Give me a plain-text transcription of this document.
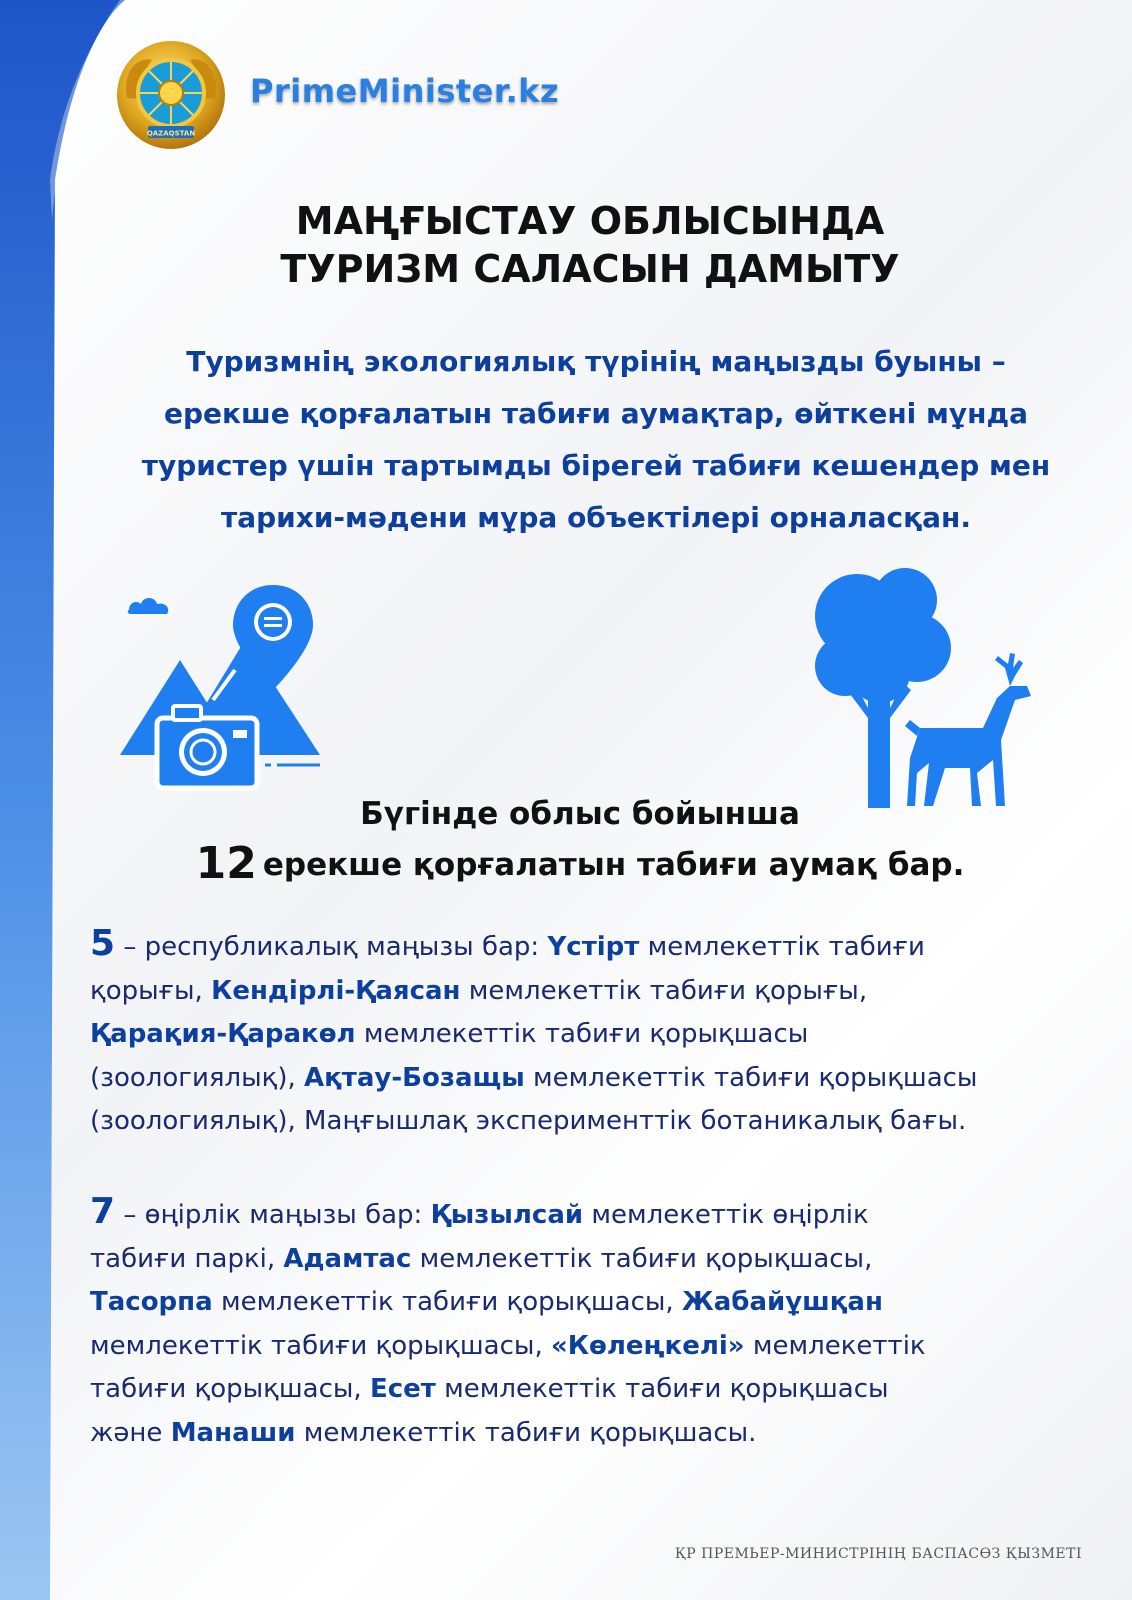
QAZAQSTAN
PrimeMinister.kz
МАҢҒЫСТАУ ОБЛЫСЫНДА
ТУРИЗМ САЛАСЫН ДАМЫТУ
Туризмнің экологиялық түрінің маңызды буыны –
ерекше қорғалатын табиғи аумақтар, өйткені мұнда
туристер үшін тартымды бірегей табиғи кешендер мен
тарихи-мәдени мұра объектілері орналасқан.
Бүгінде облыс бойынша
12 ерекше қорғалатын табиғи аумақ бар.
5 – республикалық маңызы бар: Үстірт мемлекеттік табиғи
қорығы, Кендірлі-Қаясан мемлекеттік табиғи қорығы,
Қарақия-Қаракөл мемлекеттік табиғи қорықшасы
(зоологиялық), Ақтау-Бозащы мемлекеттік табиғи қорықшасы
(зоологиялық), Маңғышлақ эксперименттік ботаникалық бағы.
7 – өңірлік маңызы бар: Қызылсай мемлекеттік өңірлік
табиғи паркі, Адамтас мемлекеттік табиғи қорықшасы,
Тасорпа мемлекеттік табиғи қорықшасы, Жабайұшқан
мемлекеттік табиғи қорықшасы, «Көлеңкелі» мемлекеттік
табиғи қорықшасы, Есет мемлекеттік табиғи қорықшасы
және Манаши мемлекеттік табиғи қорықшасы.
ҚР ПРЕМЬЕР-МИНИСТРІНІҢ БАСПАСӨЗ ҚЫЗМЕТІ
